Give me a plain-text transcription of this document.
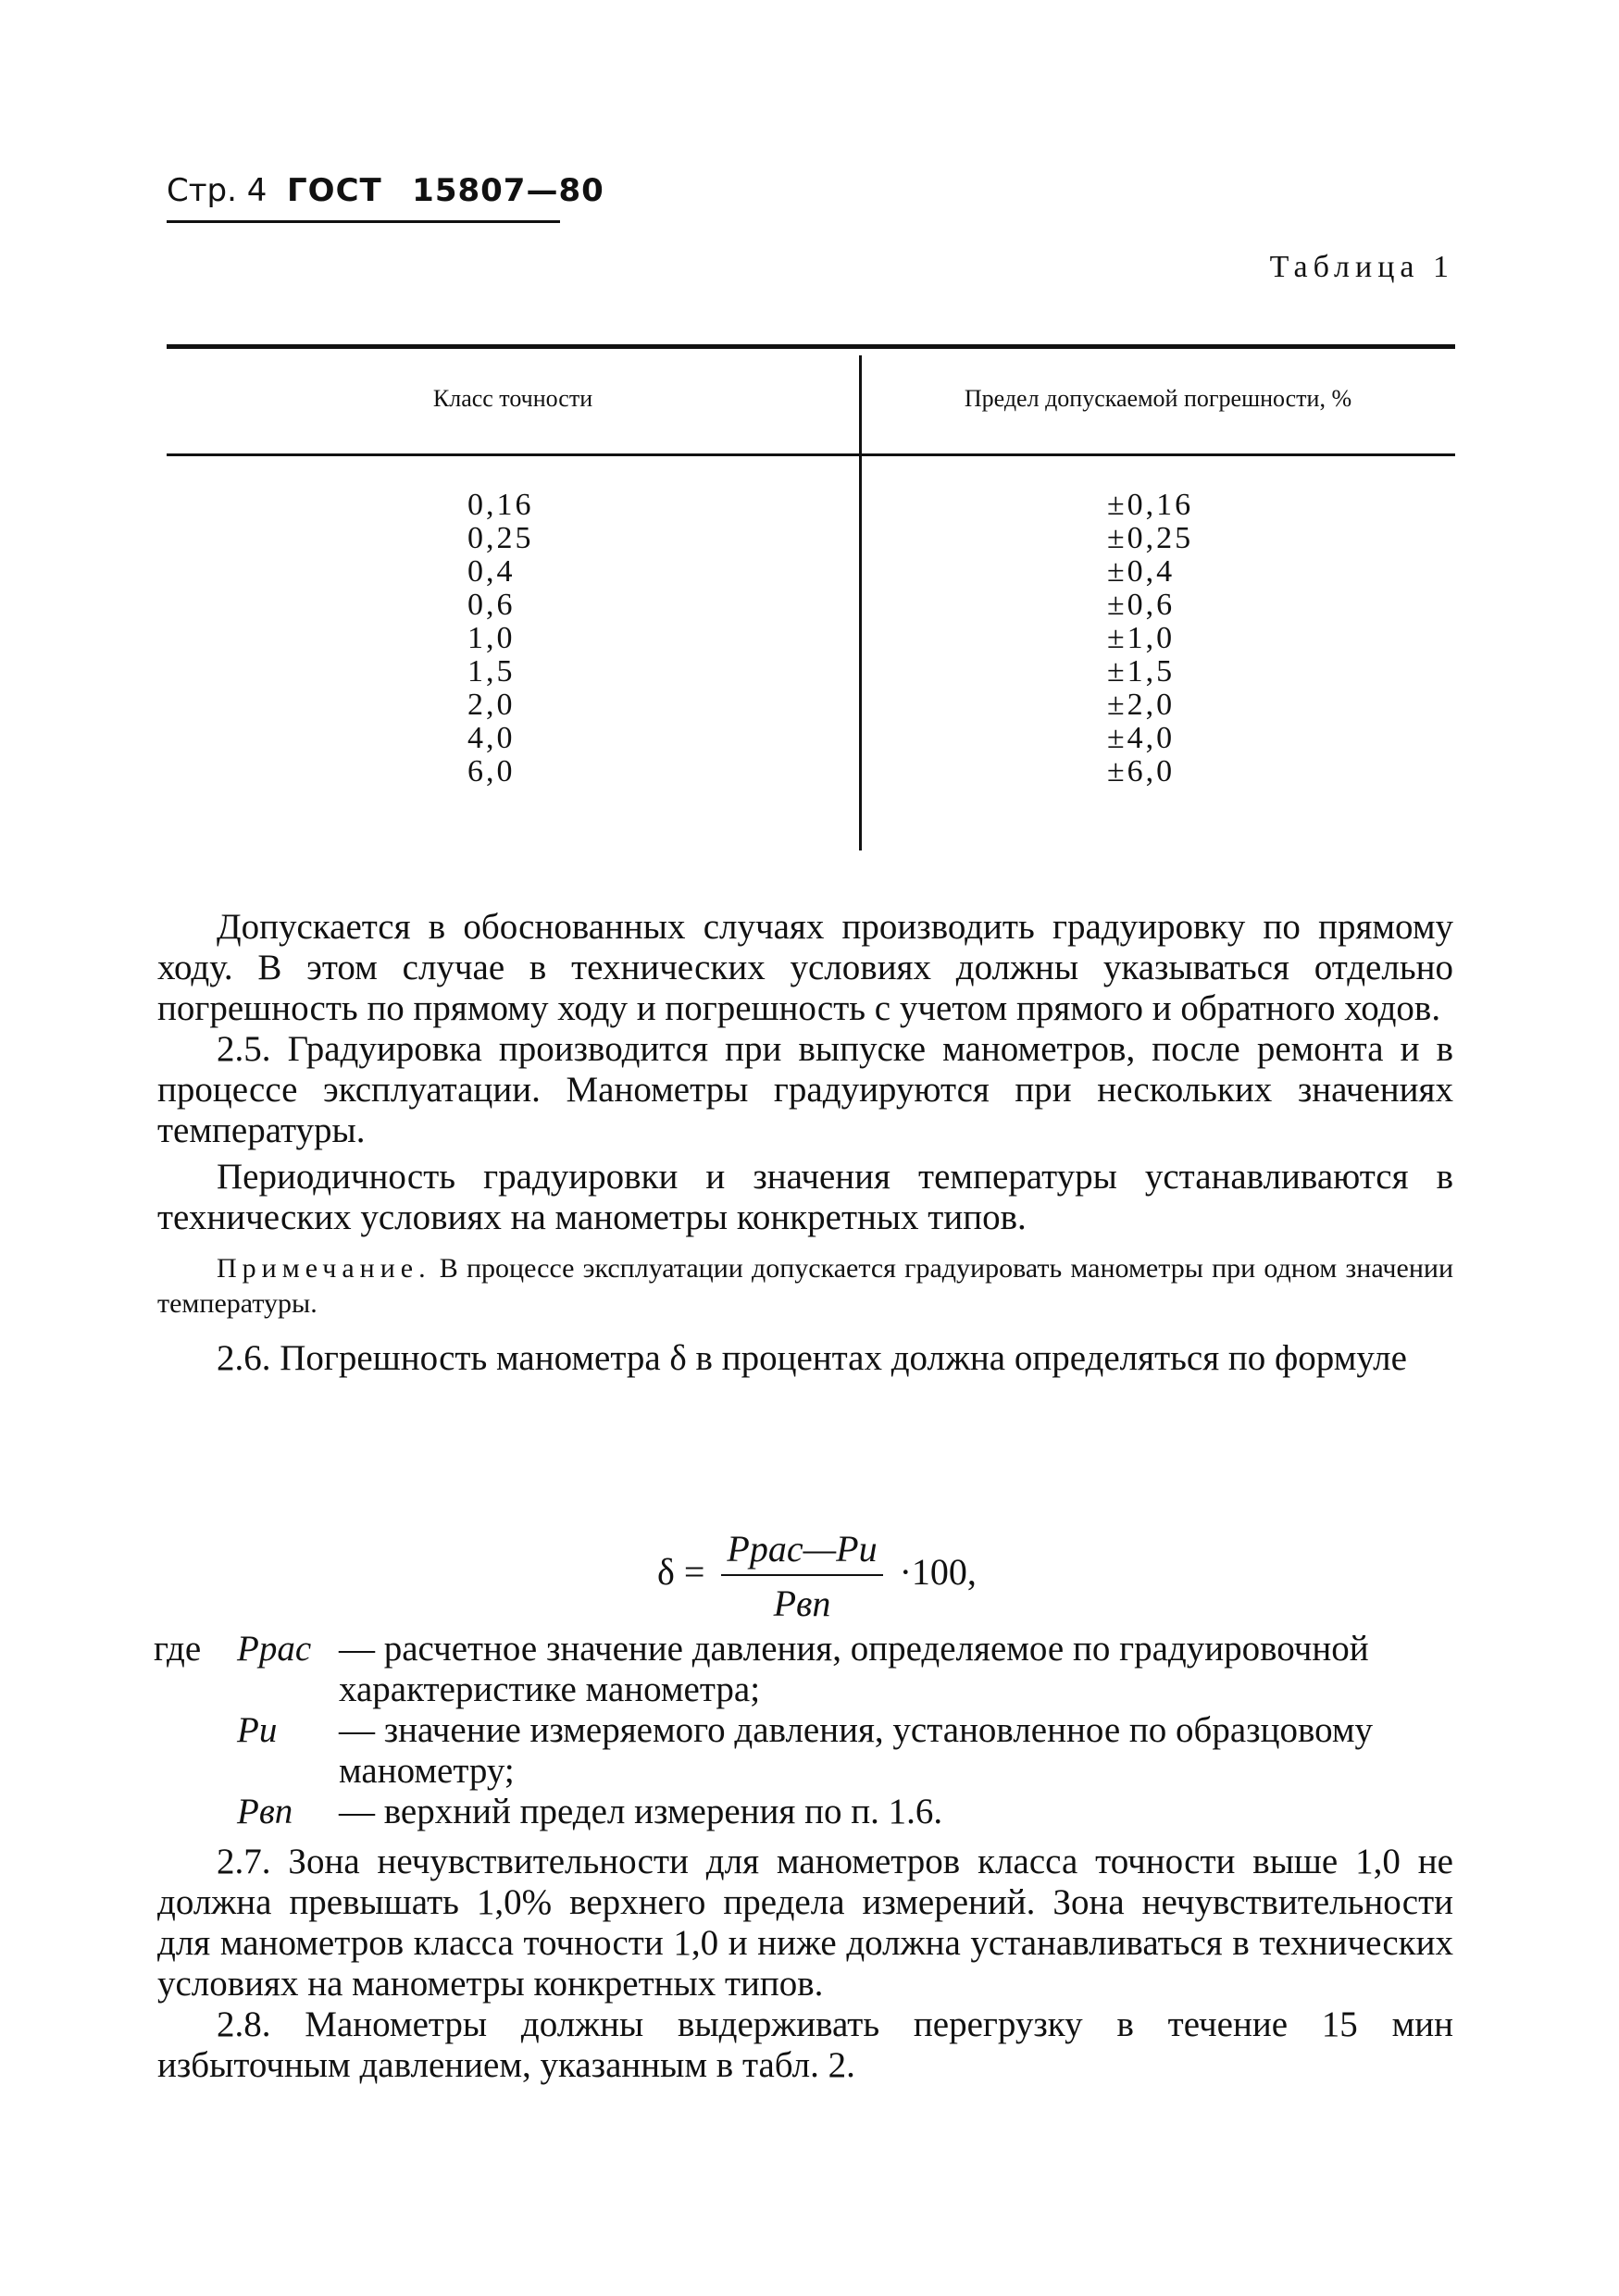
Стр. 4 ГОСТ 15807—80
Таблица 1
Класс точности	Предел допускаемой погрешности, %
0,16
0,25
0,4
0,6
1,0
1,5
2,0
4,0
6,0
±0,16
±0,25
±0,4
±0,6
±1,0
±1,5
±2,0
±4,0
±6,0

Допускается в обоснованных случаях производить градуировку по прямому ходу. В этом случае в технических условиях должны указываться отдельно погрешность по прямому ходу и погрешность с учетом прямого и обратного ходов.

2.5. Градуировка производится при выпуске манометров, после ремонта и в процессе эксплуатации. Манометры градуируются при нескольких значениях температуры.

Периодичность градуировки и значения температуры устанавливаются в технических условиях на манометры конкретных типов.

Примечание. В процессе эксплуатации допускается градуировать манометры при одном значении температуры.

2.6. Погрешность манометра δ в процентах должна определяться по формуле

$\delta = \frac{\text{Pрас—Pи}}{\text{Pвп}} \cdot 100$,
где Pрас — расчетное значение давления, определяемое по градуировочной характеристике манометра;
Pи — значение измеряемого давления, установленное по образцовому манометру;
Pвп — верхний предел измерения по п. 1.6.

2.7. Зона нечувствительности для манометров класса точности выше 1,0 не должна превышать 1,0% верхнего предела измерений. Зона нечувствительности для манометров класса точности 1,0 и ниже должна устанавливаться в технических условиях на манометры конкретных типов.

2.8. Манометры должны выдерживать перегрузку в течение 15 мин избыточным давлением, указанным в табл. 2.
